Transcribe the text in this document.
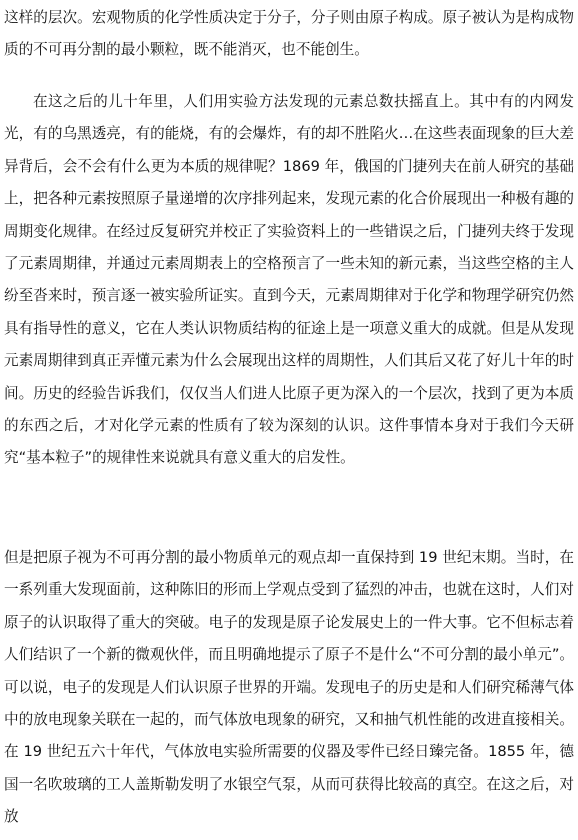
这样的层次。宏观物质的化学性质决定于分子，分子则由原子构成。原子被认为是构成物质的不可再分割的最小颗粒，既不能消灭，也不能创生。

在这之后的儿十年里，人们用实验方法发现的元素总数扶摇直上。其中有的内网发光，有的乌黑透亮，有的能烧，有的会爆炸，有的却不胜陷火…在这些表面现象的巨大差异背后，会不会有什么更为本质的规律呢？1869 年，俄国的门捷列夫在前人研究的基础上，把各种元素按照原子量递增的次序排列起来，发现元素的化合价展现出一种极有趣的周期变化规律。在经过反复研究并校正了实验资料上的一些错误之后，门捷列夫终于发现了元素周期律，并通过元素周期表上的空格预言了一些未知的新元素，当这些空格的主人纷至沓来时，预言逐一被实验所证实。直到今天，元素周期律对于化学和物理学研究仍然具有指导性的意义，它在人类认识物质结构的征途上是一项意义重大的成就。但是从发现元素周期律到真正弄懂元素为什么会展现出这样的周期性，人们其后又花了好儿十年的时间。历史的经验告诉我们，仅仅当人们进人比原子更为深入的一个层次，找到了更为本质的东西之后，才对化学元素的性质有了较为深刻的认识。这件事情本身对于我们今天研究“基本粒子”的规律性来说就具有意义重大的启发性。

但是把原子视为不可再分割的最小物质单元的观点却一直保持到 19 世纪末期。当时，在一系列重大发现面前，这种陈旧的形而上学观点受到了猛烈的冲击，也就在这时，人们对原子的认识取得了重大的突破。电子的发现是原子论发展史上的一件大事。它不但标志着人们结识了一个新的微观伙伴，而且明确地提示了原子不是什么“不可分割的最小单元”。可以说，电子的发现是人们认识原子世界的开端。发现电子的历史是和人们研究稀薄气体中的放电现象关联在一起的，而气体放电现象的研究，又和抽气机性能的改进直接相关。在 19 世纪五六十年代，气体放电实验所需要的仪器及零件已经日臻完备。1855 年，德国一名吹玻璃的工人盖斯勒发明了水银空气泵，从而可获得比较高的真空。在这之后，对放
